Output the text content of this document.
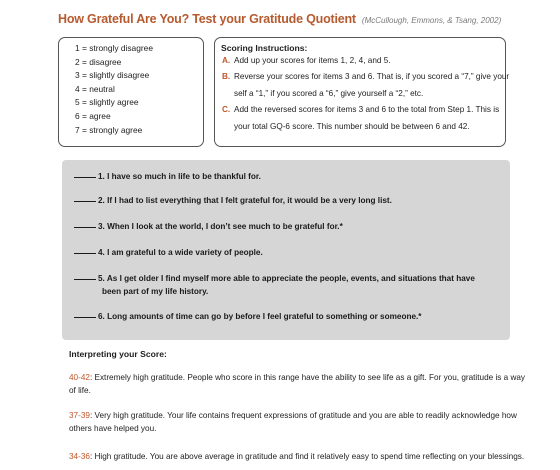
How Grateful Are You? Test your Gratitude Quotient (McCullough, Emmons, & Tsang, 2002)
1 = strongly disagree
2 = disagree
3 = slightly disagree
4 = neutral
5 = slightly agree
6 = agree
7 = strongly agree
Scoring Instructions:
A. Add up your scores for items 1, 2, 4, and 5.
B. Reverse your scores for items 3 and 6. That is, if you scored a “7,” give your
self a “1,” if you scored a “6,” give yourself a “2,” etc.
C. Add the reversed scores for items 3 and 6 to the total from Step 1. This is
your total GQ-6 score. This number should be between 6 and 42.
1. I have so much in life to be thankful for.
2. If I had to list everything that I felt grateful for, it would be a very long list.
3. When I look at the world, I don’t see much to be grateful for.*
4. I am grateful to a wide variety of people.
5. As I get older I find myself more able to appreciate the people, events, and situations that have
been part of my life history.
6. Long amounts of time can go by before I feel grateful to something or someone.*
Interpreting your Score:
40-42: Extremely high gratitude. People who score in this range have the ability to see life as a gift. For you, gratitude is a way
of life.
37-39: Very high gratitude. Your life contains frequent expressions of gratitude and you are able to readily acknowledge how
others have helped you.
34-36: High gratitude. You are above average in gratitude and find it relatively easy to spend time reflecting on your blessings.
